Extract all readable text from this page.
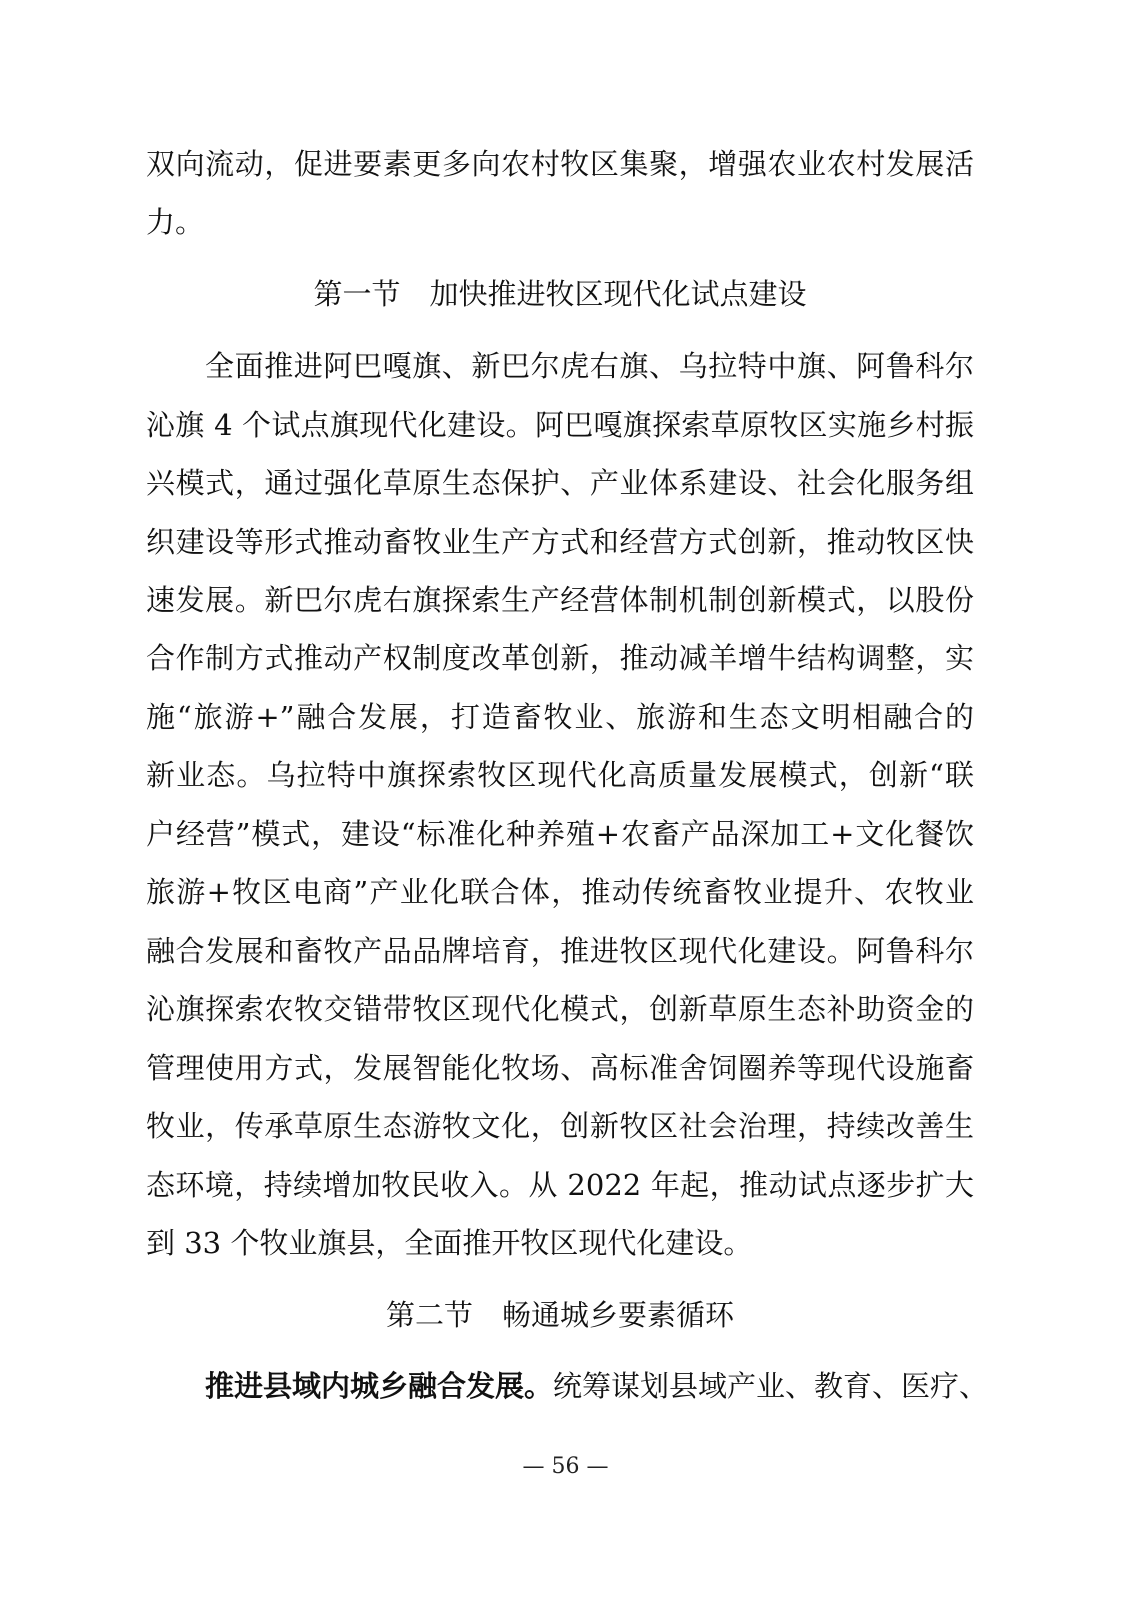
双向流动，促进要素更多向农村牧区集聚，增强农业农村发展活
力。
第一节　加快推进牧区现代化试点建设
全面推进阿巴嘎旗、新巴尔虎右旗、乌拉特中旗、阿鲁科尔
沁旗 4 个试点旗现代化建设。阿巴嘎旗探索草原牧区实施乡村振
兴模式，通过强化草原生态保护、产业体系建设、社会化服务组
织建设等形式推动畜牧业生产方式和经营方式创新，推动牧区快
速发展。新巴尔虎右旗探索生产经营体制机制创新模式，以股份
合作制方式推动产权制度改革创新，推动减羊增牛结构调整，实
施“旅游+”融合发展，打造畜牧业、旅游和生态文明相融合的
新业态。乌拉特中旗探索牧区现代化高质量发展模式，创新“联
户经营”模式，建设“标准化种养殖+农畜产品深加工+文化餐饮
旅游+牧区电商”产业化联合体，推动传统畜牧业提升、农牧业
融合发展和畜牧产品品牌培育，推进牧区现代化建设。阿鲁科尔
沁旗探索农牧交错带牧区现代化模式，创新草原生态补助资金的
管理使用方式，发展智能化牧场、高标准舍饲圈养等现代设施畜
牧业，传承草原生态游牧文化，创新牧区社会治理，持续改善生
态环境，持续增加牧民收入。从 2022 年起，推动试点逐步扩大
到 33 个牧业旗县，全面推开牧区现代化建设。
第二节　畅通城乡要素循环
推进县域内城乡融合发展。统筹谋划县域产业、教育、医疗、
— 56 —
